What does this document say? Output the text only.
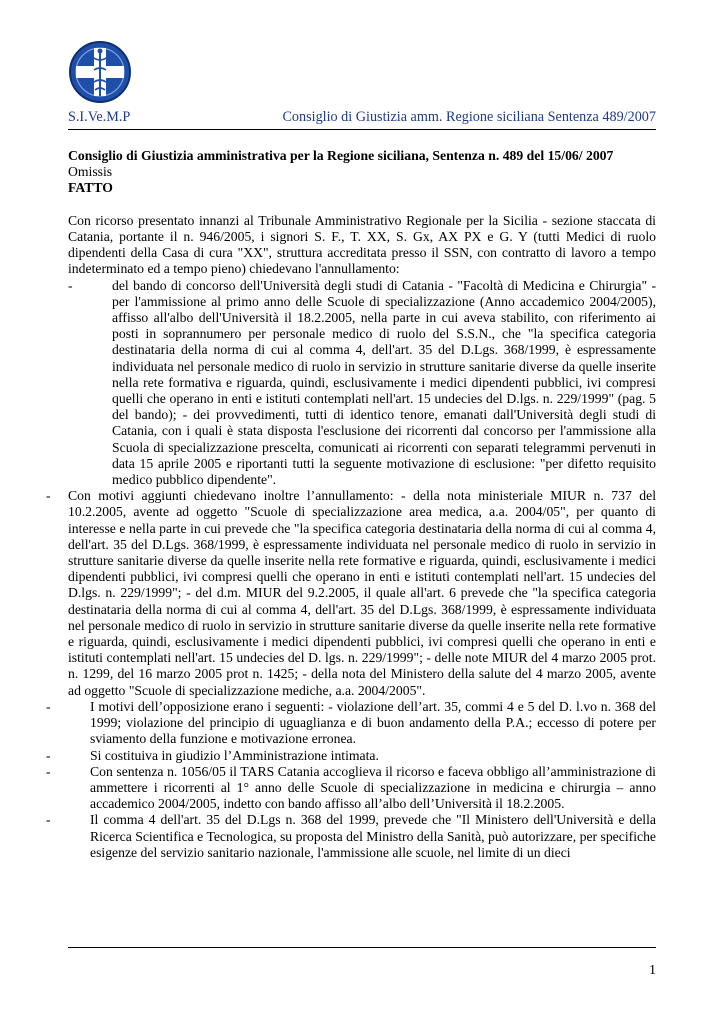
S.I.Ve.M.P	Consiglio di Giustizia amm. Regione siciliana Sentenza 489/2007

Consiglio di Giustizia amministrativa per la Regione siciliana, Sentenza n. 489 del 15/06/ 2007

Omissis

FATTO

Con ricorso presentato innanzi al Tribunale Amministrativo Regionale per la Sicilia - sezione staccata di Catania, portante il n. 946/2005, i signori S. F., T. XX, S. Gx, AX PX e G. Y (tutti Medici di ruolo dipendenti della Casa di cura "XX", struttura accreditata presso il SSN, con contratto di lavoro a tempo indeterminato ed a tempo pieno) chiedevano l'annullamento:

-	del bando di concorso dell'Università degli studi di Catania - "Facoltà di Medicina e Chirurgia" - per l'ammissione al primo anno delle Scuole di specializzazione (Anno accademico 2004/2005), affisso all'albo dell'Università il 18.2.2005, nella parte in cui aveva stabilito, con riferimento ai posti in soprannumero per personale medico di ruolo del S.S.N., che "la specifica categoria destinataria della norma di cui al comma 4, dell'art. 35 del D.Lgs. 368/1999, è espressamente individuata nel personale medico di ruolo in servizio in strutture sanitarie diverse da quelle inserite nella rete formativa e riguarda, quindi, esclusivamente i medici dipendenti pubblici, ivi compresi quelli che operano in enti e istituti contemplati nell'art. 15 undecies del D.lgs. n. 229/1999" (pag. 5 del bando); - dei provvedimenti, tutti di identico tenore, emanati dall'Università degli studi di Catania, con i quali è stata disposta l'esclusione dei ricorrenti dal concorso per l'ammissione alla Scuola di specializzazione prescelta, comunicati ai ricorrenti con separati telegrammi pervenuti in data 15 aprile 2005 e riportanti tutti la seguente motivazione di esclusione: "per difetto requisito medico pubblico dipendente".
-	Con motivi aggiunti chiedevano inoltre l’annullamento: - della nota ministeriale MIUR n. 737 del 10.2.2005, avente ad oggetto "Scuole di specializzazione area medica, a.a. 2004/05", per quanto di interesse e nella parte in cui prevede che "la specifica categoria destinataria della norma di cui al comma 4, dell'art. 35 del D.Lgs. 368/1999, è espressamente individuata nel personale medico di ruolo in servizio in strutture sanitarie diverse da quelle inserite nella rete formative e riguarda, quindi, esclusivamente i medici dipendenti pubblici, ivi compresi quelli che operano in enti e istituti contemplati nell'art. 15 undecies del D.lgs. n. 229/1999"; - del d.m. MIUR del 9.2.2005, il quale all'art. 6 prevede che "la specifica categoria destinataria della norma di cui al comma 4, dell'art. 35 del D.Lgs. 368/1999, è espressamente individuata nel personale medico di ruolo in servizio in strutture sanitarie diverse da quelle inserite nella rete formative e riguarda, quindi, esclusivamente i medici dipendenti pubblici, ivi compresi quelli che operano in enti e istituti contemplati nell'art. 15 undecies del D. lgs. n. 229/1999"; - delle note MIUR del 4 marzo 2005 prot. n. 1299, del 16 marzo 2005 prot n. 1425; - della nota del Ministero della salute del 4 marzo 2005, avente ad oggetto "Scuole di specializzazione mediche, a.a. 2004/2005".
-	I motivi dell’opposizione erano i seguenti: - violazione dell’art. 35, commi 4 e 5 del D. l.vo n. 368 del 1999; violazione del principio di uguaglianza e di buon andamento della P.A.; eccesso di potere per sviamento della funzione e motivazione erronea.
-	Si costituiva in giudizio l’Amministrazione intimata.
-	Con sentenza n. 1056/05 il TARS Catania accoglieva il ricorso e faceva obbligo all’amministrazione di ammettere i ricorrenti al 1° anno delle Scuole di specializzazione in medicina e chirurgia – anno accademico 2004/2005, indetto con bando affisso all’albo dell’Università il 18.2.2005.
-	Il comma 4 dell'art. 35 del D.Lgs n. 368 del 1999, prevede che "Il Ministero dell'Università e della Ricerca Scientifica e Tecnologica, su proposta del Ministro della Sanità, può autorizzare, per specifiche esigenze del servizio sanitario nazionale, l'ammissione alle scuole, nel limite di un dieci
1
